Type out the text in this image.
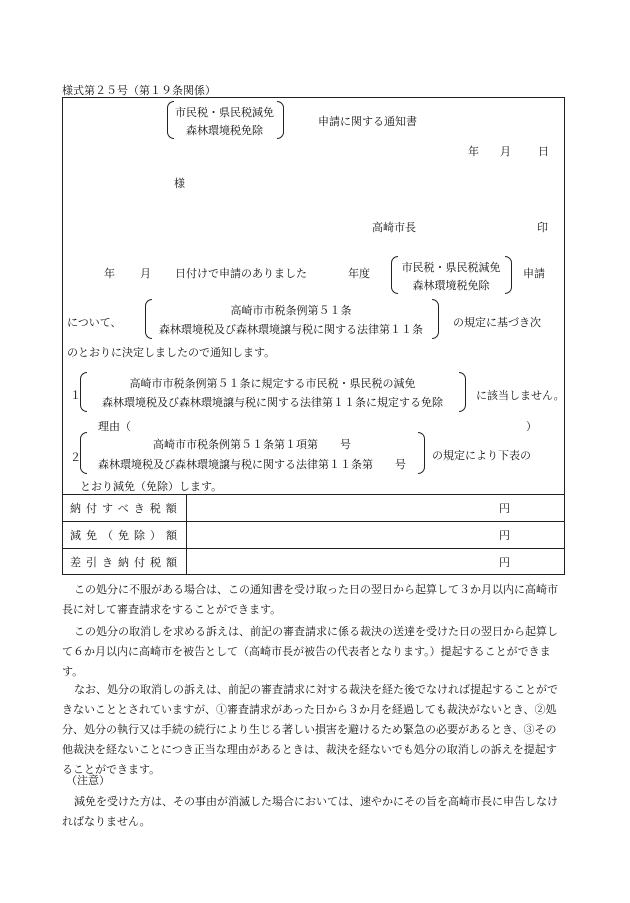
様式第２５号（第１９条関係）
市民税・県民税減免
森林環境税免除
申請に関する通知書
年 月 日
様
高崎市長	印
年 月 日付けで申請のありました	年度	市民税・県民税減免
森林環境税免除
申請
について、
高崎市市税条例第５１条
森林環境税及び森林環境譲与税に関する法律第１１条
の規定に基づき次
のとおりに決定しましたので通知します。
１
高崎市市税条例第５１条に規定する市民税・県民税の減免
森林環境税及び森林環境譲与税に関する法律第１１条に規定する免除
に該当しません。
理由（	）
２
高崎市市税条例第５１条第１項第　　号
森林環境税及び森林環境譲与税に関する法律第１１条第　　号
の規定により下表の
とおり減免（免除）します。
納付すべき税額	円
減免（免除）額	円
差引き納付税額	円

この処分に不服がある場合は、この通知書を受け取った日の翌日から起算して３か月以内に高崎市長に対して審査請求をすることができます。

この処分の取消しを求める訴えは、前記の審査請求に係る裁決の送達を受けた日の翌日から起算して６か月以内に高崎市を被告として（高崎市長が被告の代表者となります。）提起することができます。

なお、処分の取消しの訴えは、前記の審査請求に対する裁決を経た後でなければ提起することができないこととされていますが、①審査請求があった日から３か月を経過しても裁決がないとき、②処分、処分の執行又は手続の続行により生じる著しい損害を避けるため緊急の必要があるとき、③その他裁決を経ないことにつき正当な理由があるときは、裁決を経ないでも処分の取消しの訴えを提起することができます。

（注意）

減免を受けた方は、その事由が消滅した場合においては、速やかにその旨を高崎市長に申告しなければなりません。
